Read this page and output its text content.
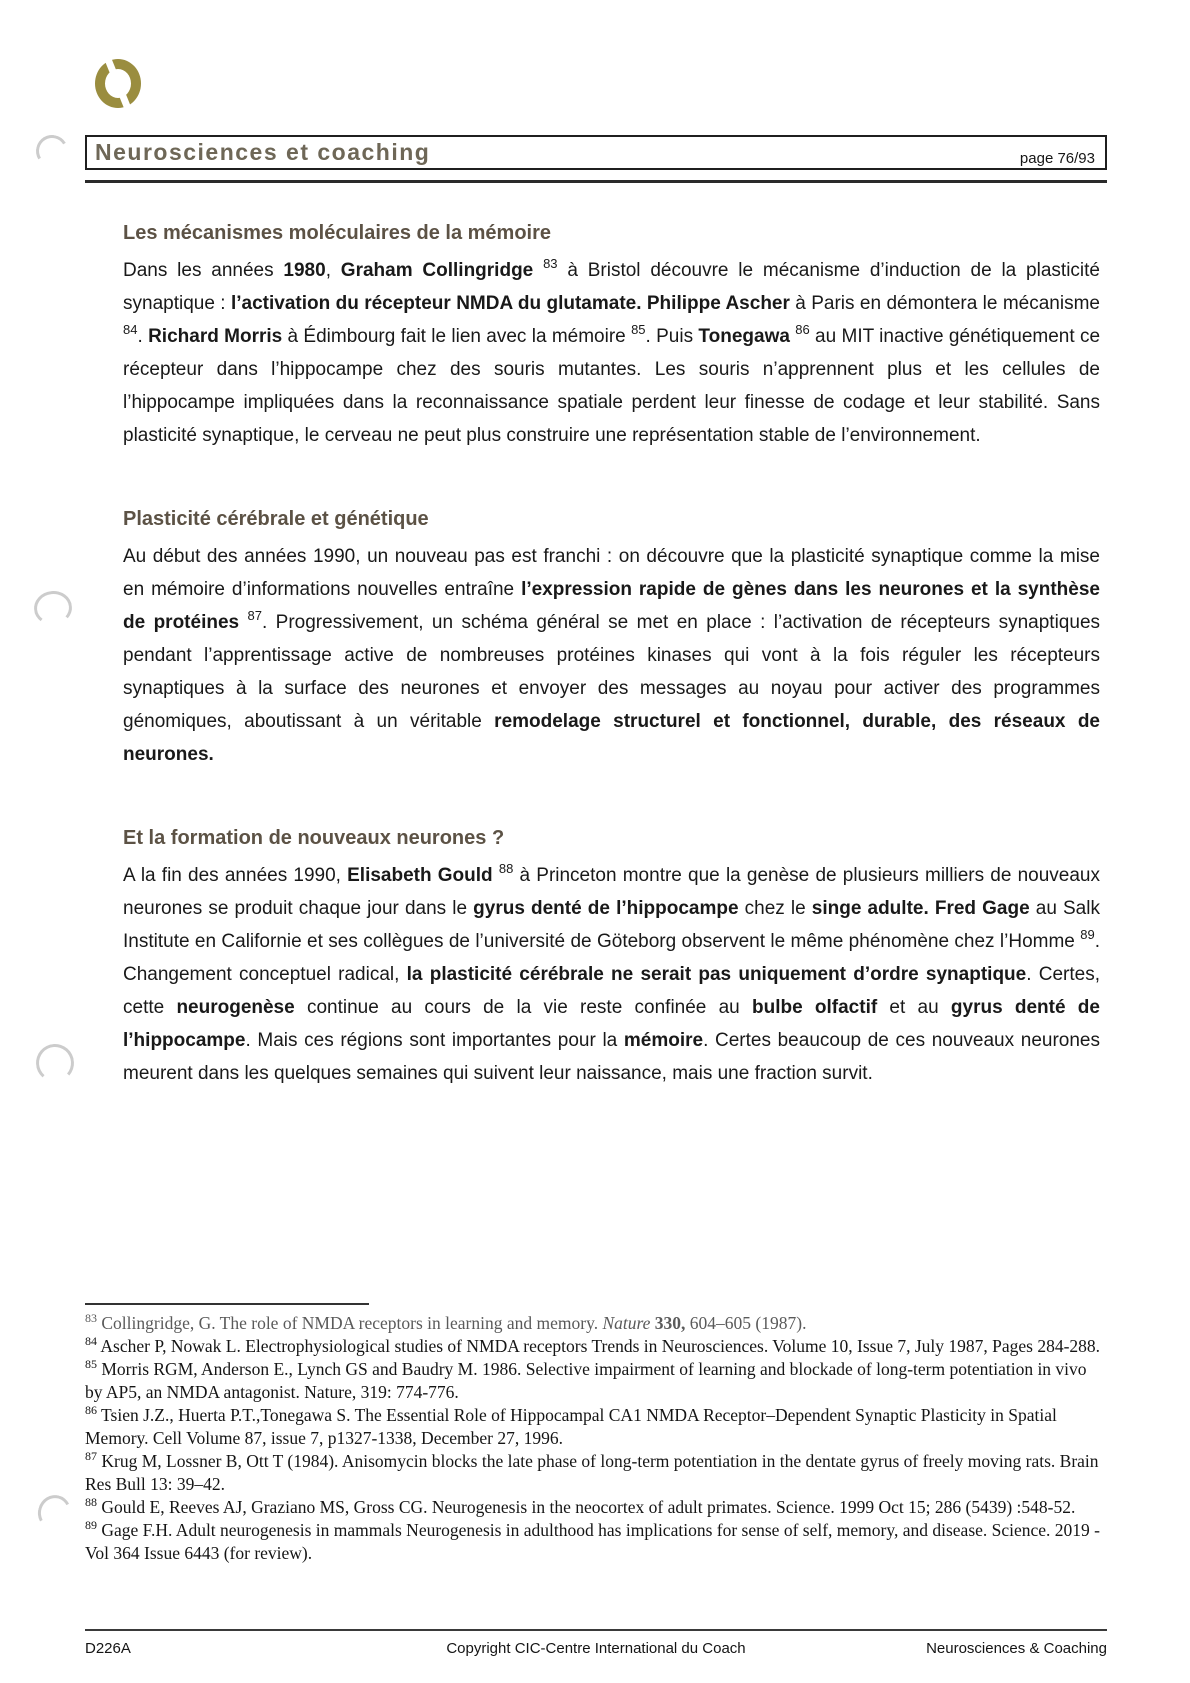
Neurosciences et coaching	page 76/93
Les mécanismes moléculaires de la mémoire

Dans les années 1980, Graham Collingridge $^{83}$ à Bristol découvre le mécanisme d’induction de la plasticité synaptique : l’activation du récepteur NMDA du glutamate. Philippe Ascher à Paris en démontera le mécanisme $^{84}$. Richard Morris à Édimbourg fait le lien avec la mémoire $^{85}$. Puis Tonegawa $^{86}$ au MIT inactive génétiquement ce récepteur dans l’hippocampe chez des souris mutantes. Les souris n’apprennent plus et les cellules de l’hippocampe impliquées dans la reconnaissance spatiale perdent leur finesse de codage et leur stabilité. Sans plasticité synaptique, le cerveau ne peut plus construire une représentation stable de l’environnement.

Plasticité cérébrale et génétique

Au début des années 1990, un nouveau pas est franchi : on découvre que la plasticité synaptique comme la mise en mémoire d’informations nouvelles entraîne l’expression rapide de gènes dans les neurones et la synthèse de protéines $^{87}$. Progressivement, un schéma général se met en place : l’activation de récepteurs synaptiques pendant l’apprentissage active de nombreuses protéines kinases qui vont à la fois réguler les récepteurs synaptiques à la surface des neurones et envoyer des messages au noyau pour activer des programmes génomiques, aboutissant à un véritable remodelage structurel et fonctionnel, durable, des réseaux de neurones.

Et la formation de nouveaux neurones ?

A la fin des années 1990, Elisabeth Gould $^{88}$ à Princeton montre que la genèse de plusieurs milliers de nouveaux neurones se produit chaque jour dans le gyrus denté de l’hippocampe chez le singe adulte. Fred Gage au Salk Institute en Californie et ses collègues de l’université de Göteborg observent le même phénomène chez l’Homme $^{89}$. Changement conceptuel radical, la plasticité cérébrale ne serait pas uniquement d’ordre synaptique. Certes, cette neurogenèse continue au cours de la vie reste confinée au bulbe olfactif et au gyrus denté de l’hippocampe. Mais ces régions sont importantes pour la mémoire. Certes beaucoup de ces nouveaux neurones meurent dans les quelques semaines qui suivent leur naissance, mais une fraction survit.

$^{83}$ Collingridge, G. The role of NMDA receptors in learning and memory. Nature 330, 604–605 (1987).
$^{84}$ Ascher P, Nowak L. Electrophysiological studies of NMDA receptors Trends in Neurosciences. Volume 10, Issue 7, July 1987, Pages 284-288.
$^{85}$ Morris RGM, Anderson E., Lynch GS and Baudry M. 1986. Selective impairment of learning and blockade of long-term potentiation in vivo by AP5, an NMDA antagonist. Nature, 319: 774-776.
$^{86}$ Tsien J.Z., Huerta P.T.,Tonegawa S. The Essential Role of Hippocampal CA1 NMDA Receptor–Dependent Synaptic Plasticity in Spatial Memory. Cell Volume 87, issue 7, p1327-1338, December 27, 1996.
$^{87}$ Krug M, Lossner B, Ott T (1984). Anisomycin blocks the late phase of long-term potentiation in the dentate gyrus of freely moving rats. Brain Res Bull 13: 39–42.
$^{88}$ Gould E, Reeves AJ, Graziano MS, Gross CG. Neurogenesis in the neocortex of adult primates. Science. 1999 Oct 15; 286 (5439) :548-52.
$^{89}$ Gage F.H. Adult neurogenesis in mammals Neurogenesis in adulthood has implications for sense of self, memory, and disease. Science. 2019 - Vol 364 Issue 6443 (for review).
D226A	Copyright CIC-Centre International du Coach	Neurosciences & Coaching
